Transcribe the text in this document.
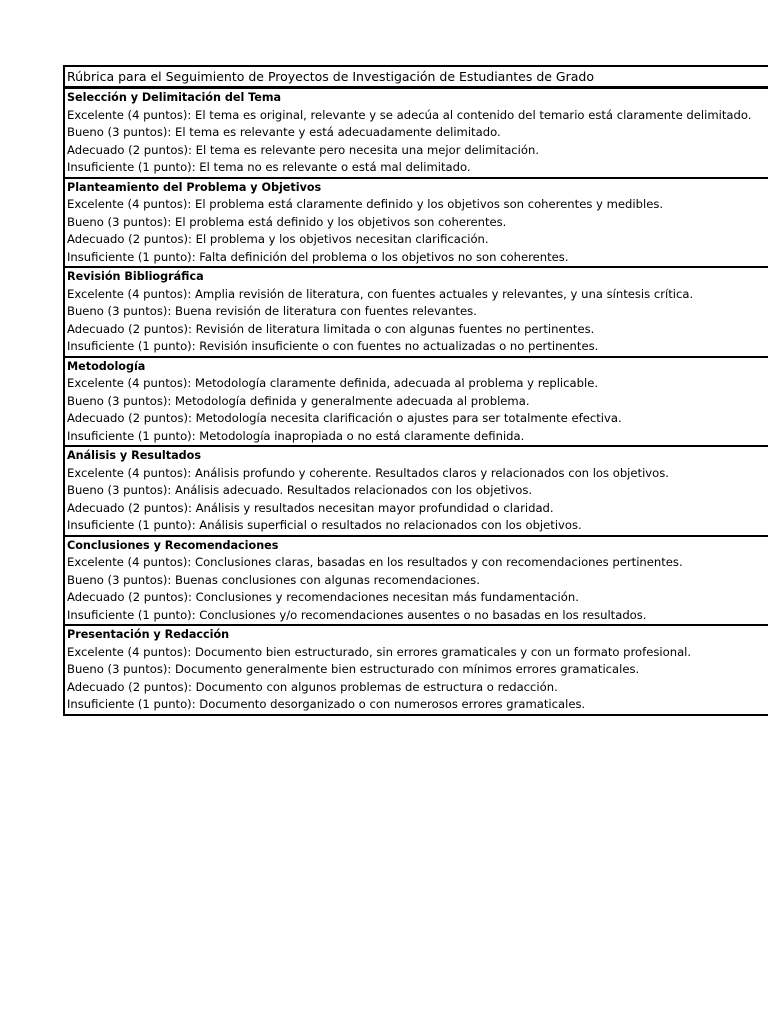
Rúbrica para el Seguimiento de Proyectos de Investigación de Estudiantes de Grado
Selección y Delimitación del Tema
Excelente (4 puntos): El tema es original, relevante y se adecúa al contenido del temario está claramente delimitado.
Bueno (3 puntos): El tema es relevante y está adecuadamente delimitado.
Adecuado (2 puntos): El tema es relevante pero necesita una mejor delimitación.
Insuficiente (1 punto): El tema no es relevante o está mal delimitado.
Planteamiento del Problema y Objetivos
Excelente (4 puntos): El problema está claramente definido y los objetivos son coherentes y medibles.
Bueno (3 puntos): El problema está definido y los objetivos son coherentes.
Adecuado (2 puntos): El problema y los objetivos necesitan clarificación.
Insuficiente (1 punto): Falta definición del problema o los objetivos no son coherentes.
Revisión Bibliográfica
Excelente (4 puntos): Amplia revisión de literatura, con fuentes actuales y relevantes, y una síntesis crítica.
Bueno (3 puntos): Buena revisión de literatura con fuentes relevantes.
Adecuado (2 puntos): Revisión de literatura limitada o con algunas fuentes no pertinentes.
Insuficiente (1 punto): Revisión insuficiente o con fuentes no actualizadas o no pertinentes.
Metodología
Excelente (4 puntos): Metodología claramente definida, adecuada al problema y replicable.
Bueno (3 puntos): Metodología definida y generalmente adecuada al problema.
Adecuado (2 puntos): Metodología necesita clarificación o ajustes para ser totalmente efectiva.
Insuficiente (1 punto): Metodología inapropiada o no está claramente definida.
Análisis y Resultados
Excelente (4 puntos): Análisis profundo y coherente. Resultados claros y relacionados con los objetivos.
Bueno (3 puntos): Análisis adecuado. Resultados relacionados con los objetivos.
Adecuado (2 puntos): Análisis y resultados necesitan mayor profundidad o claridad.
Insuficiente (1 punto): Análisis superficial o resultados no relacionados con los objetivos.
Conclusiones y Recomendaciones
Excelente (4 puntos): Conclusiones claras, basadas en los resultados y con recomendaciones pertinentes.
Bueno (3 puntos): Buenas conclusiones con algunas recomendaciones.
Adecuado (2 puntos): Conclusiones y recomendaciones necesitan más fundamentación.
Insuficiente (1 punto): Conclusiones y/o recomendaciones ausentes o no basadas en los resultados.
Presentación y Redacción
Excelente (4 puntos): Documento bien estructurado, sin errores gramaticales y con un formato profesional.
Bueno (3 puntos): Documento generalmente bien estructurado con mínimos errores gramaticales.
Adecuado (2 puntos): Documento con algunos problemas de estructura o redacción.
Insuficiente (1 punto): Documento desorganizado o con numerosos errores gramaticales.
